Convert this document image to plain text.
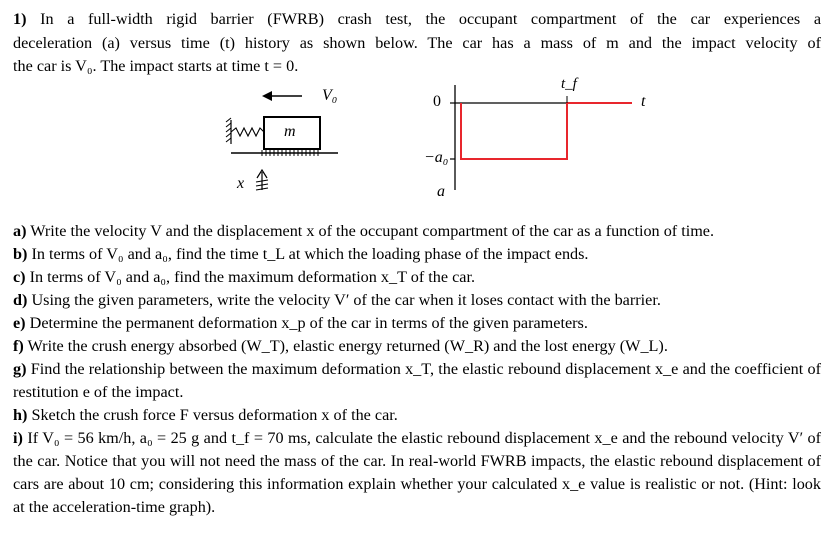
1) In a full-width rigid barrier (FWRB) crash test, the occupant compartment of the car experiences a
deceleration (a) versus time (t) history as shown below. The car has a mass of m and the impact velocity of
the car is V₀. The impact starts at time t = 0.
V₀
m
x
0
−a₀
a
t
t_f
a) Write the velocity V and the displacement x of the occupant compartment of the car as a function of time.
b) In terms of V₀ and a₀, find the time t_L at which the loading phase of the impact ends.
c) In terms of V₀ and a₀, find the maximum deformation x_T of the car.
d) Using the given parameters, write the velocity V′ of the car when it loses contact with the barrier.
e) Determine the permanent deformation x_p of the car in terms of the given parameters.
f) Write the crush energy absorbed (W_T), elastic energy returned (W_R) and the lost energy (W_L).
g) Find the relationship between the maximum deformation x_T, the elastic rebound displacement x_e and the coefficient of restitution e of the impact.
h) Sketch the crush force F versus deformation x of the car.
i) If V₀ = 56 km/h, a₀ = 25 g and t_f = 70 ms, calculate the elastic rebound displacement x_e and the rebound velocity V′ of the car. Notice that you will not need the mass of the car. In real-world FWRB impacts, the elastic rebound displacement of cars are about 10 cm; considering this information explain whether your calculated x_e value is realistic or not. (Hint: look at the acceleration-time graph).
